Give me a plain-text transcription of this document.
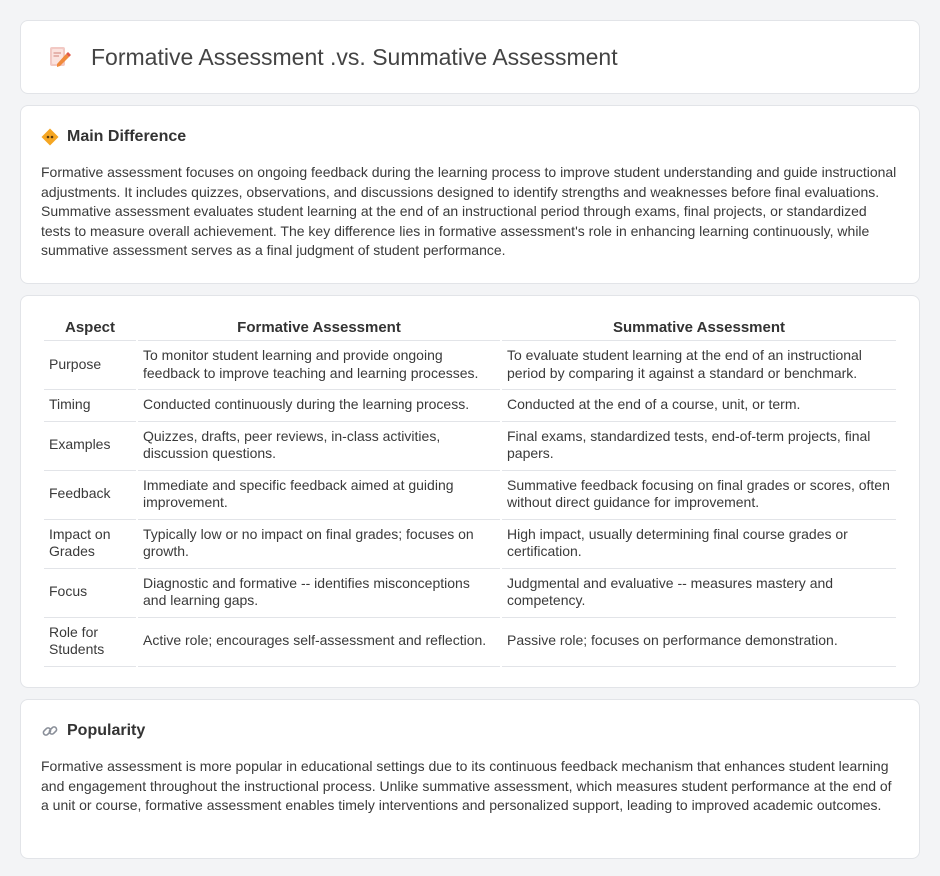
Formative Assessment .vs. Summative Assessment
Main Difference

Formative assessment focuses on ongoing feedback during the learning process to improve student understanding and guide instructional adjustments. It includes quizzes, observations, and discussions designed to identify strengths and weaknesses before final evaluations. Summative assessment evaluates student learning at the end of an instructional period through exams, final projects, or standardized tests to measure overall achievement. The key difference lies in formative assessment's role in enhancing learning continuously, while summative assessment serves as a final judgment of student performance.

Aspect	Formative Assessment	Summative Assessment
Purpose	To monitor student learning and provide ongoing feedback to improve teaching and learning processes.	To evaluate student learning at the end of an instructional period by comparing it against a standard or benchmark.
Timing	Conducted continuously during the learning process.	Conducted at the end of a course, unit, or term.
Examples	Quizzes, drafts, peer reviews, in-class activities, discussion questions.	Final exams, standardized tests, end-of-term projects, final papers.
Feedback	Immediate and specific feedback aimed at guiding improvement.	Summative feedback focusing on final grades or scores, often without direct guidance for improvement.
Impact on Grades	Typically low or no impact on final grades; focuses on growth.	High impact, usually determining final course grades or certification.
Focus	Diagnostic and formative -- identifies misconceptions and learning gaps.	Judgmental and evaluative -- measures mastery and competency.
Role for Students	Active role; encourages self-assessment and reflection.	Passive role; focuses on performance demonstration.
Popularity

Formative assessment is more popular in educational settings due to its continuous feedback mechanism that enhances student learning and engagement throughout the instructional process. Unlike summative assessment, which measures student performance at the end of a unit or course, formative assessment enables timely interventions and personalized support, leading to improved academic outcomes.
